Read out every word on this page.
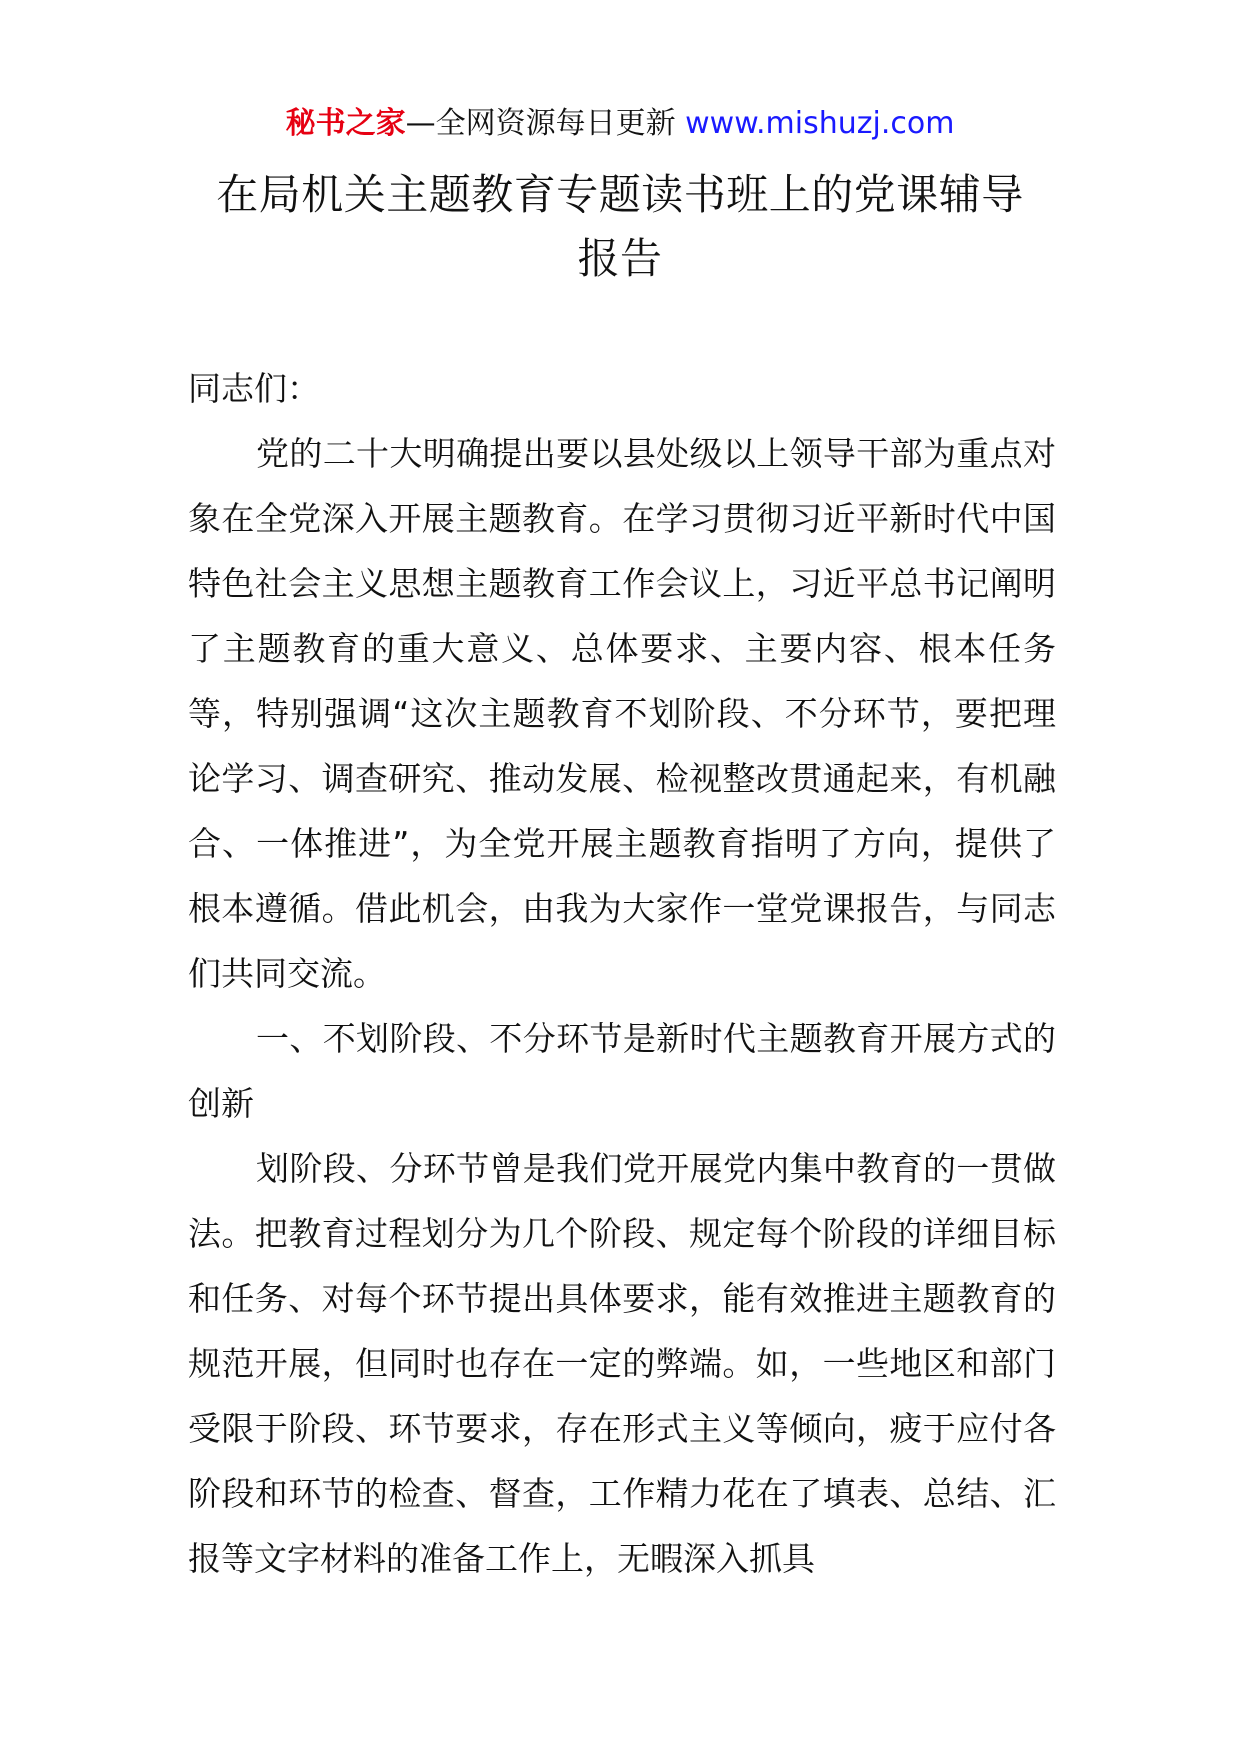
秘书之家—全网资源每日更新 www.mishuzj.com
在局机关主题教育专题读书班上的党课辅导报告

同志们：

党的二十大明确提出要以县处级以上领导干部为重点对象在全党深入开展主题教育。在学习贯彻习近平新时代中国特色社会主义思想主题教育工作会议上，习近平总书记阐明了主题教育的重大意义、总体要求、主要内容、根本任务等，特别强调“这次主题教育不划阶段、不分环节，要把理论学习、调查研究、推动发展、检视整改贯通起来，有机融合、一体推进”，为全党开展主题教育指明了方向，提供了根本遵循。借此机会，由我为大家作一堂党课报告，与同志们共同交流。

一、不划阶段、不分环节是新时代主题教育开展方式的创新

划阶段、分环节曾是我们党开展党内集中教育的一贯做法。把教育过程划分为几个阶段、规定每个阶段的详细目标和任务、对每个环节提出具体要求，能有效推进主题教育的规范开展，但同时也存在一定的弊端。如，一些地区和部门受限于阶段、环节要求，存在形式主义等倾向，疲于应付各阶段和环节的检查、督查，工作精力花在了填表、总结、汇报等文字材料的准备工作上，无暇深入抓具
